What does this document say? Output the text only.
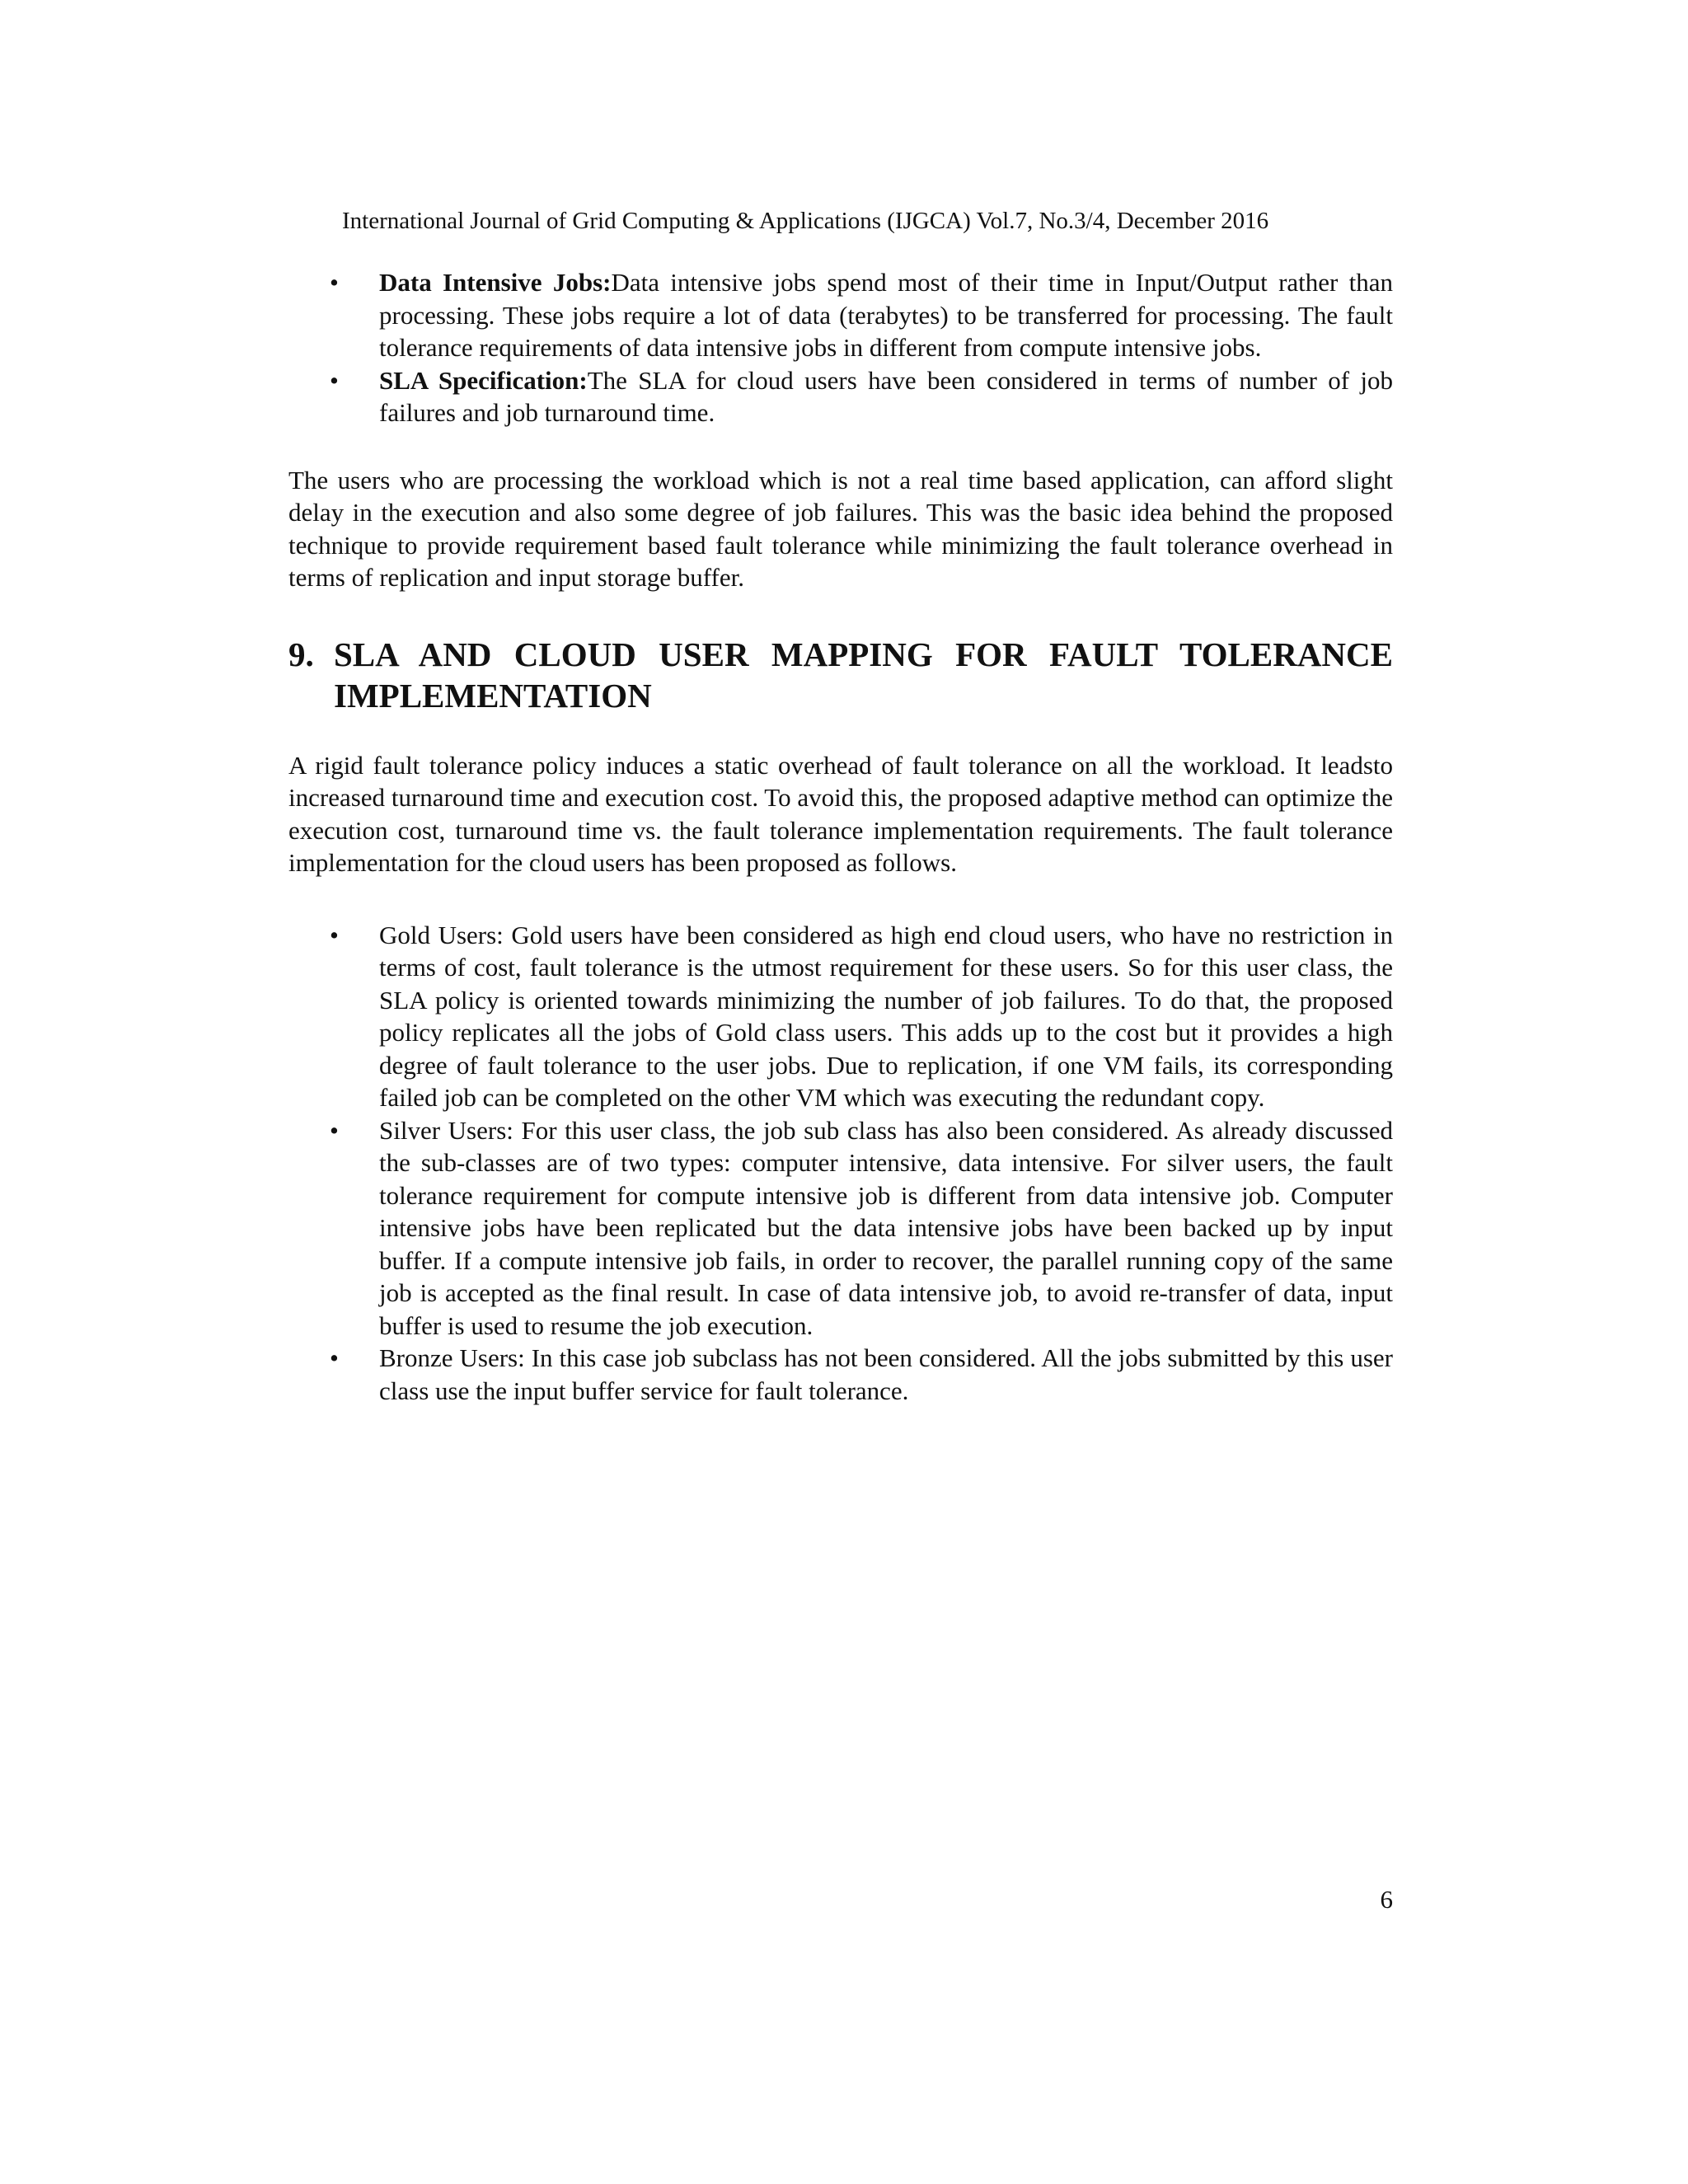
International Journal of Grid Computing & Applications (IJGCA) Vol.7, No.3/4, December 2016
•	Data Intensive Jobs:Data intensive jobs spend most of their time in Input/Output rather than processing. These jobs require a lot of data (terabytes) to be transferred for processing. The fault tolerance requirements of data intensive jobs in different from compute intensive jobs.
•	SLA Specification:The SLA for cloud users have been considered in terms of number of job failures and job turnaround time.

The users who are processing the workload which is not a real time based application, can afford slight delay in the execution and also some degree of job failures. This was the basic idea behind the proposed technique to provide requirement based fault tolerance while minimizing the fault tolerance overhead in terms of replication and input storage buffer.

9. SLA AND CLOUD USER MAPPING FOR FAULT TOLERANCE IMPLEMENTATION

A rigid fault tolerance policy induces a static overhead of fault tolerance on all the workload. It leadsto increased turnaround time and execution cost. To avoid this, the proposed adaptive method can optimize the execution cost, turnaround time vs. the fault tolerance implementation requirements. The fault tolerance implementation for the cloud users has been proposed as follows.

•	Gold Users: Gold users have been considered as high end cloud users, who have no restriction in terms of cost, fault tolerance is the utmost requirement for these users. So for this user class, the SLA policy is oriented towards minimizing the number of job failures. To do that, the proposed policy replicates all the jobs of Gold class users. This adds up to the cost but it provides a high degree of fault tolerance to the user jobs. Due to replication, if one VM fails, its corresponding failed job can be completed on the other VM which was executing the redundant copy.
•	Silver Users: For this user class, the job sub class has also been considered. As already discussed the sub-classes are of two types: computer intensive, data intensive. For silver users, the fault tolerance requirement for compute intensive job is different from data intensive job. Computer intensive jobs have been replicated but the data intensive jobs have been backed up by input buffer. If a compute intensive job fails, in order to recover, the parallel running copy of the same job is accepted as the final result. In case of data intensive job, to avoid re-transfer of data, input buffer is used to resume the job execution.
•	Bronze Users: In this case job subclass has not been considered. All the jobs submitted by this user class use the input buffer service for fault tolerance.
6
